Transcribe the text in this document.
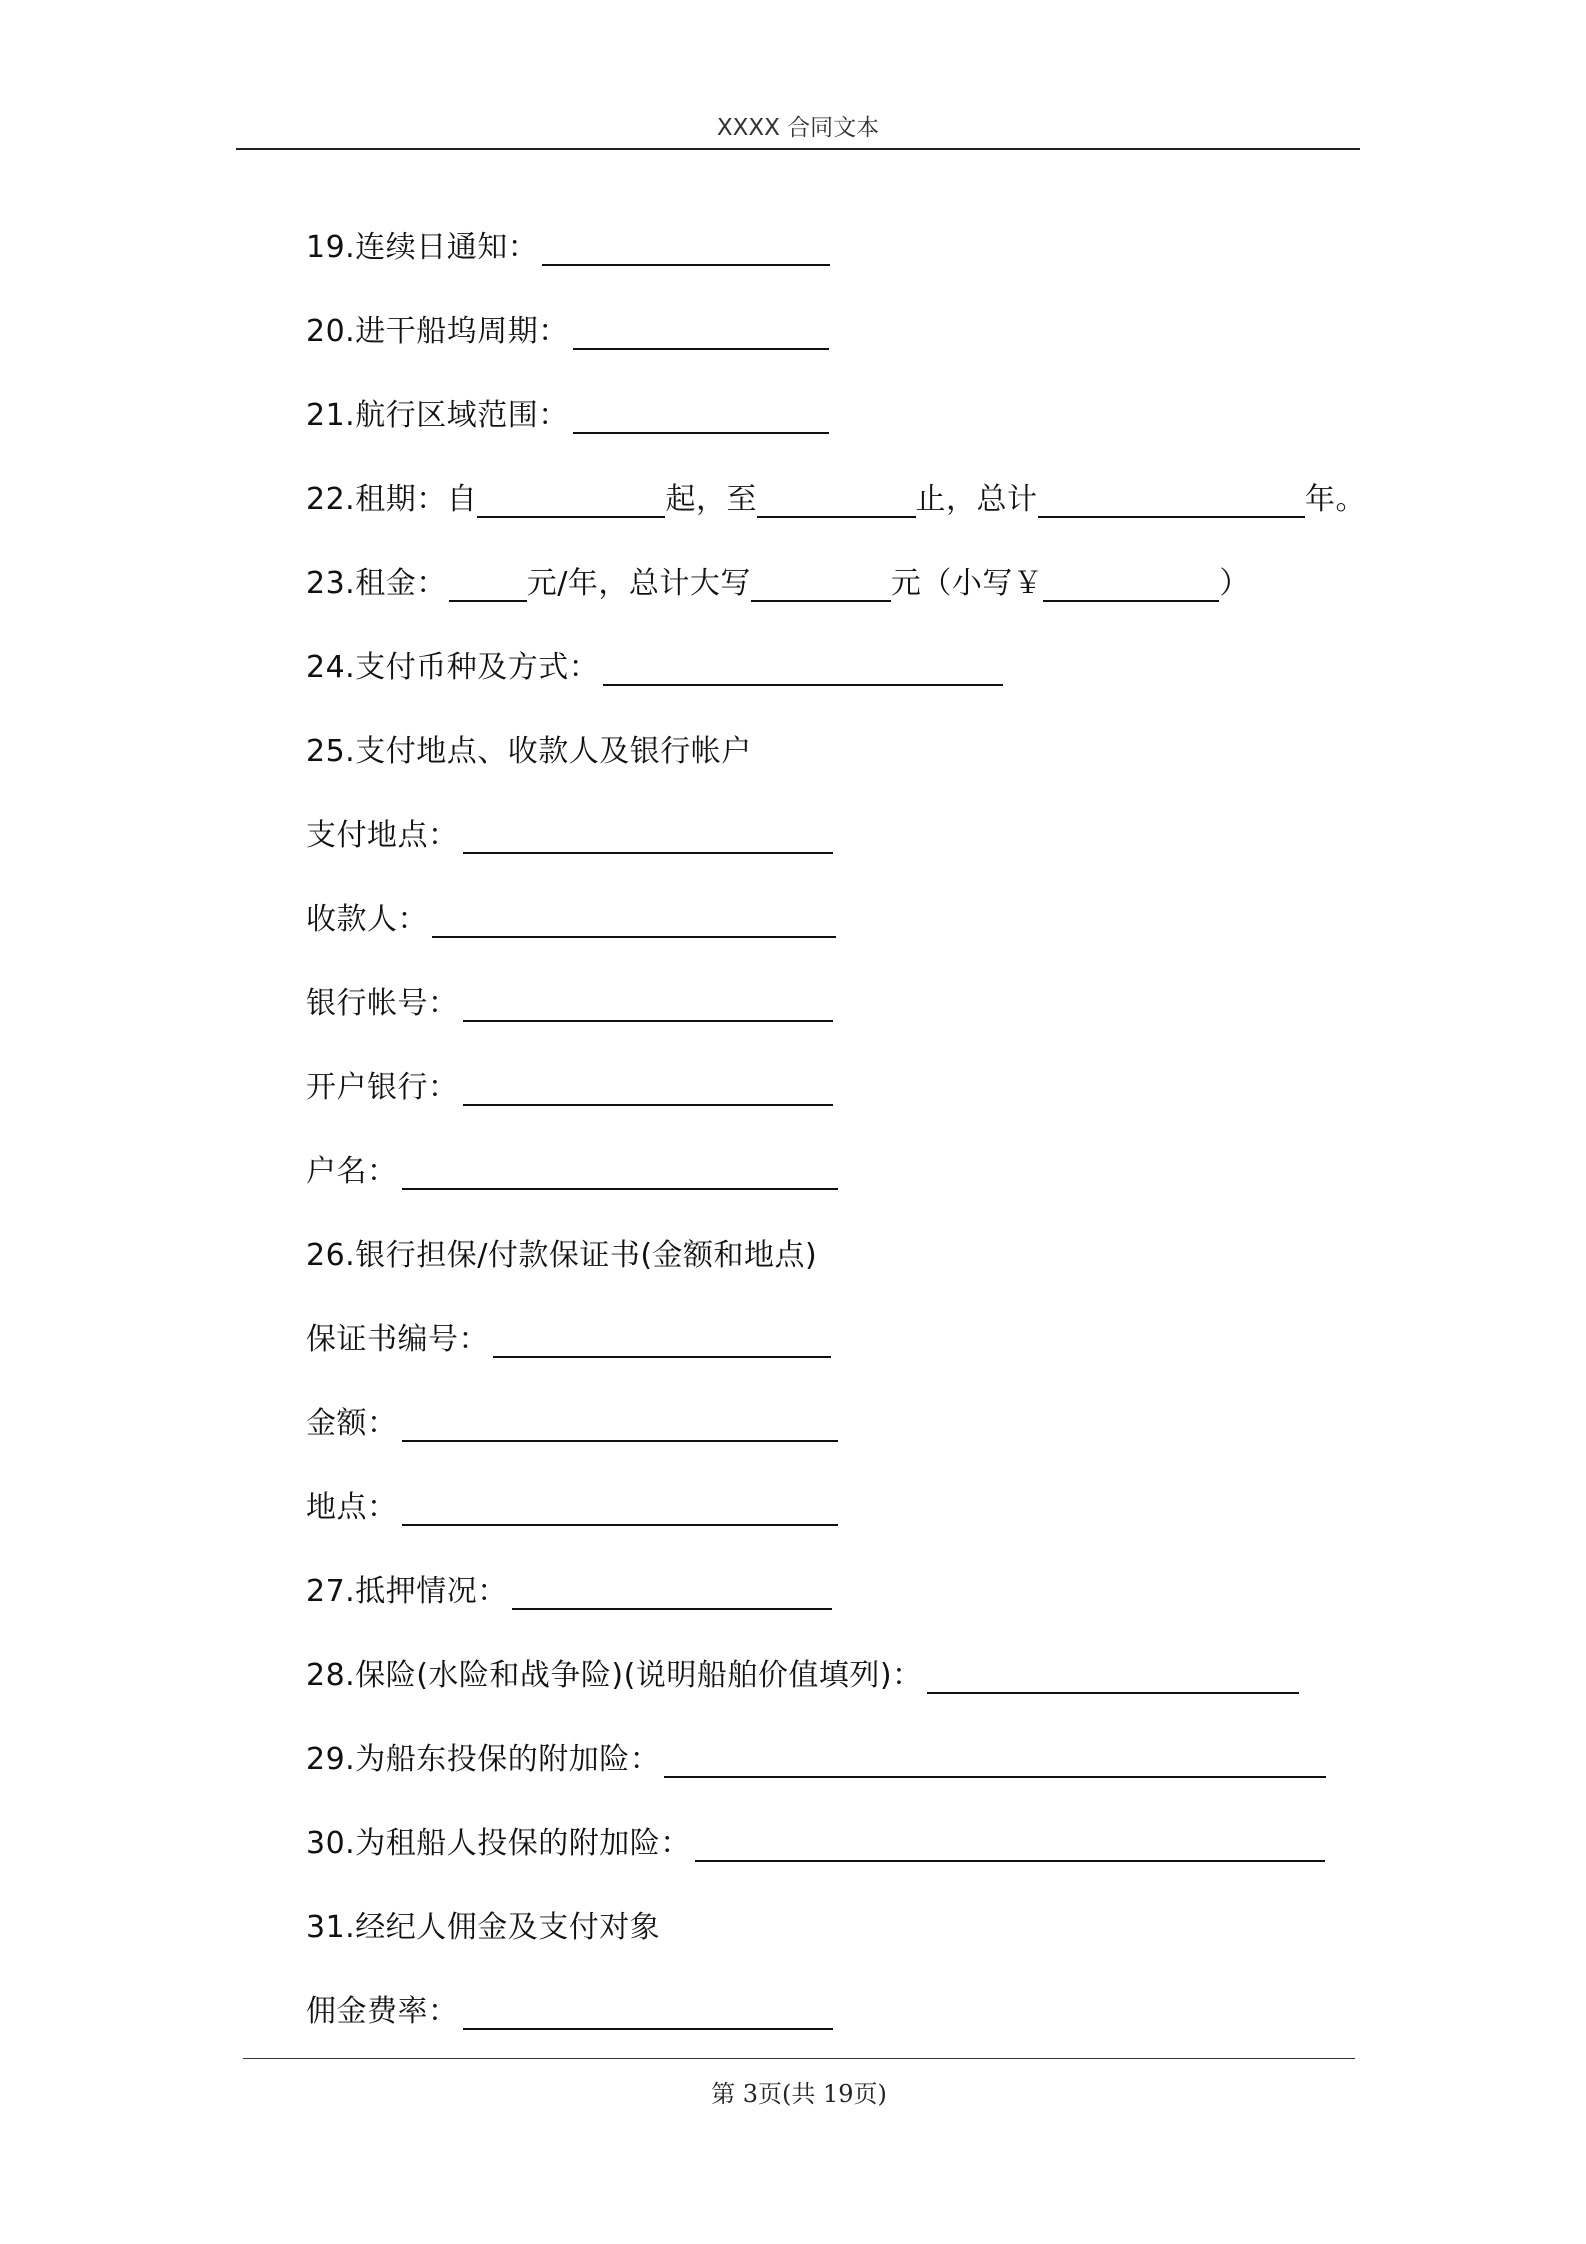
XXXX 合同文本
19.连续日通知：
20.进干船坞周期：
21.航行区域范围：
22.租期：自	起，至	止，总计	年。
23.租金：	元/年，总计大写	元（小写￥	）
24.支付币种及方式：
25.支付地点、收款人及银行帐户
支付地点：
收款人：
银行帐号：
开户银行：
户名：
26.银行担保/付款保证书(金额和地点)
保证书编号：
金额：
地点：
27.抵押情况：
28.保险(水险和战争险)(说明船舶价值填列)：
29.为船东投保的附加险：
30.为租船人投保的附加险：
31.经纪人佣金及支付对象
佣金费率：
第 3页(共 19页)
